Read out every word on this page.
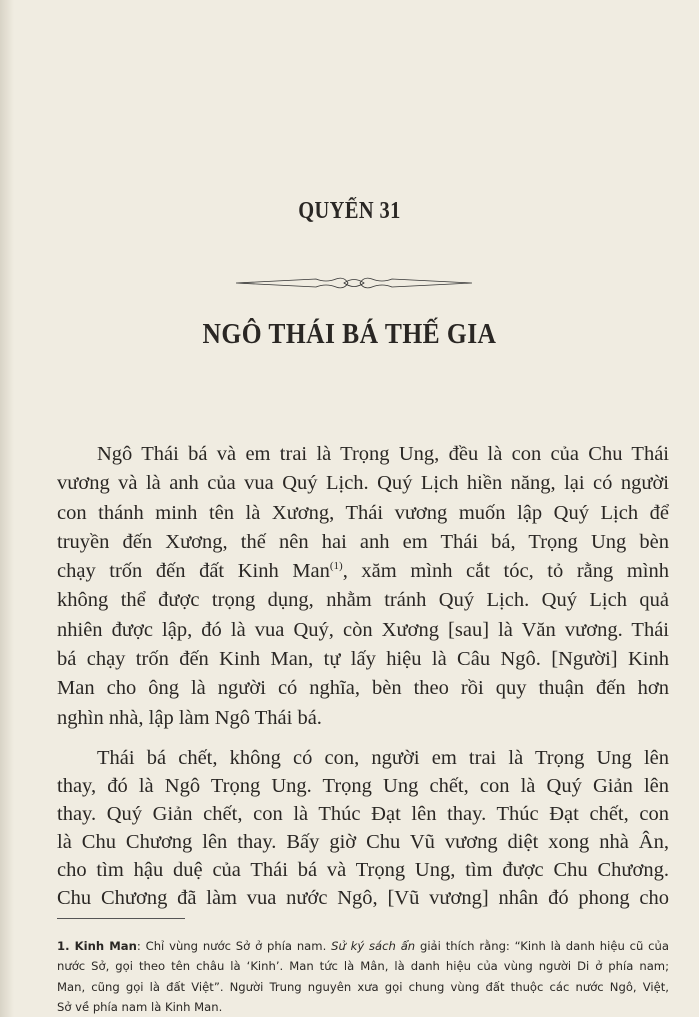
QUYỂN 31
NGÔ THÁI BÁ THẾ GIA
Ngô Thái bá và em trai là Trọng Ung, đều là con của Chu Thái
vương và là anh của vua Quý Lịch. Quý Lịch hiền năng, lại có người
con thánh minh tên là Xương, Thái vương muốn lập Quý Lịch để
truyền đến Xương, thế nên hai anh em Thái bá, Trọng Ung bèn
chạy trốn đến đất Kinh Man$^{(1)}$, xăm mình cắt tóc, tỏ rằng mình
không thể được trọng dụng, nhằm tránh Quý Lịch. Quý Lịch quả
nhiên được lập, đó là vua Quý, còn Xương [sau] là Văn vương. Thái
bá chạy trốn đến Kinh Man, tự lấy hiệu là Câu Ngô. [Người] Kinh
Man cho ông là người có nghĩa, bèn theo rồi quy thuận đến hơn
nghìn nhà, lập làm Ngô Thái bá.
Thái bá chết, không có con, người em trai là Trọng Ung lên
thay, đó là Ngô Trọng Ung. Trọng Ung chết, con là Quý Giản lên
thay. Quý Giản chết, con là Thúc Đạt lên thay. Thúc Đạt chết, con
là Chu Chương lên thay. Bấy giờ Chu Vũ vương diệt xong nhà Ân,
cho tìm hậu duệ của Thái bá và Trọng Ung, tìm được Chu Chương.
Chu Chương đã làm vua nước Ngô, [Vũ vương] nhân đó phong cho
1. Kinh Man: Chỉ vùng nước Sở ở phía nam. Sử ký sách ẩn giải thích rằng: “Kinh là danh hiệu cũ của
nước Sở, gọi theo tên châu là ‘Kinh’. Man tức là Mân, là danh hiệu của vùng người Di ở phía nam;
Man, cũng gọi là đất Việt”. Người Trung nguyên xưa gọi chung vùng đất thuộc các nước Ngô, Việt,
Sở về phía nam là Kinh Man.
